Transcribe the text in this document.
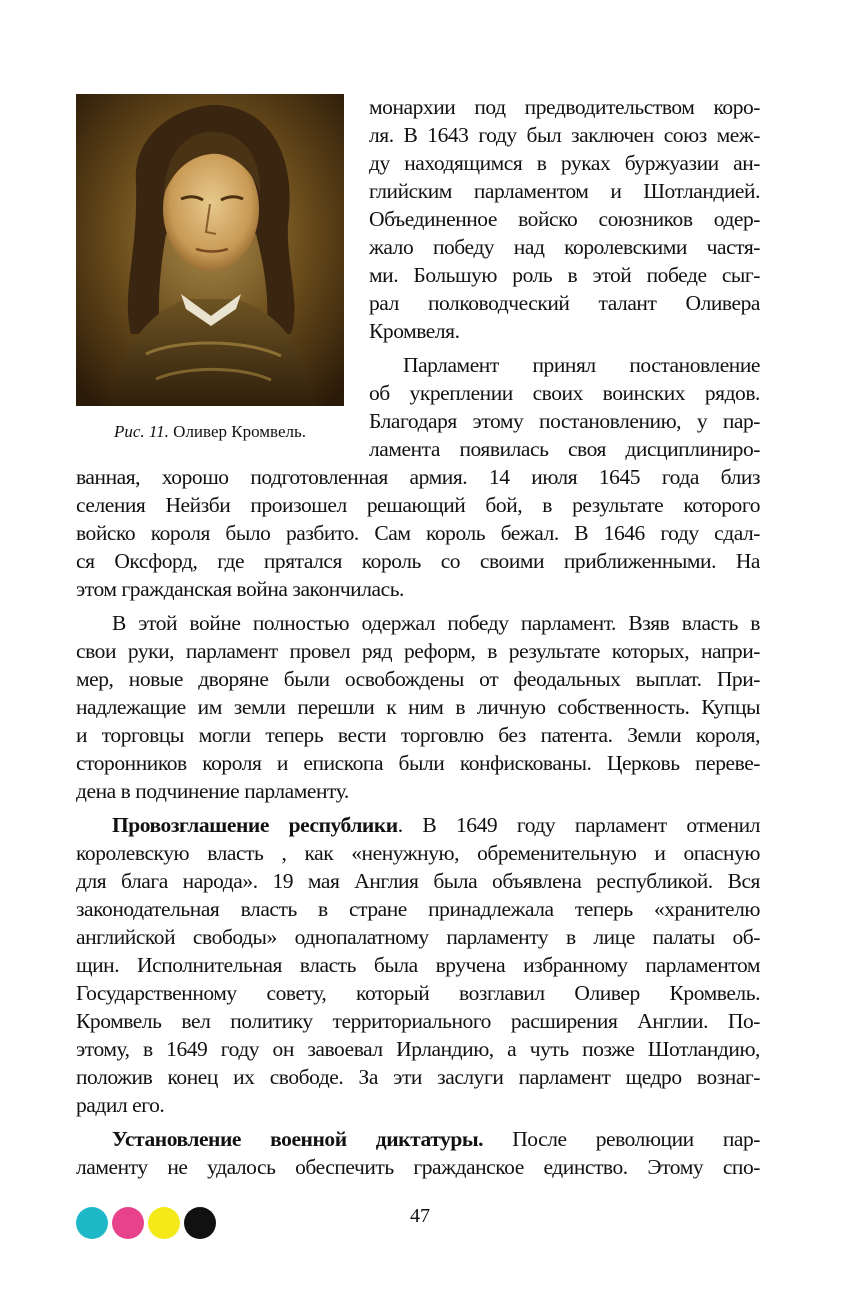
Рис. 11. Оливер Кромвель.
монархии под предводительством коро-
ля. В 1643 году был заключен союз меж-
ду находящимся в руках буржуазии ан-
глийским парламентом и Шотландией.
Объединенное войско союзников одер-
жало победу над королевскими частя-
ми. Большую роль в этой победе сыг-
рал полководческий талант Оливера
Кромвеля.
Парламент принял постановление
об укреплении своих воинских рядов.
Благодаря этому постановлению, у пар-
ламента появилась своя дисциплиниро-
ванная, хорошо подготовленная армия. 14 июля 1645 года близ
селения Нейзби произошел решающий бой, в результате которого
войско короля было разбито. Сам король бежал. В 1646 году сдал-
ся Оксфорд, где прятался король со своими приближенными. На
этом гражданская война закончилась.
В этой войне полностью одержал победу парламент. Взяв власть в
свои руки, парламент провел ряд реформ, в результате которых, напри-
мер, новые дворяне были освобождены от феодальных выплат. При-
надлежащие им земли перешли к ним в личную собственность. Купцы
и торговцы могли теперь вести торговлю без патента. Земли короля,
сторонников короля и епископа были конфискованы. Церковь переве-
дена в подчинение парламенту.
Провозглашение республики. В 1649 году парламент отменил
королевскую власть , как «ненужную, обременительную и опасную
для блага народа». 19 мая Англия была объявлена республикой. Вся
законодательная власть в стране принадлежала теперь «хранителю
английской свободы» однопалатному парламенту в лице палаты об-
щин. Исполнительная власть была вручена избранному парламентом
Государственному совету, который возглавил Оливер Кромвель.
Кромвель вел политику территориального расширения Англии. По-
этому, в 1649 году он завоевал Ирландию, а чуть позже Шотландию,
положив конец их свободе. За эти заслуги парламент щедро вознаг-
радил его.
Установление военной диктатуры. После революции пар-
ламенту не удалось обеспечить гражданское единство. Этому спо-
47
